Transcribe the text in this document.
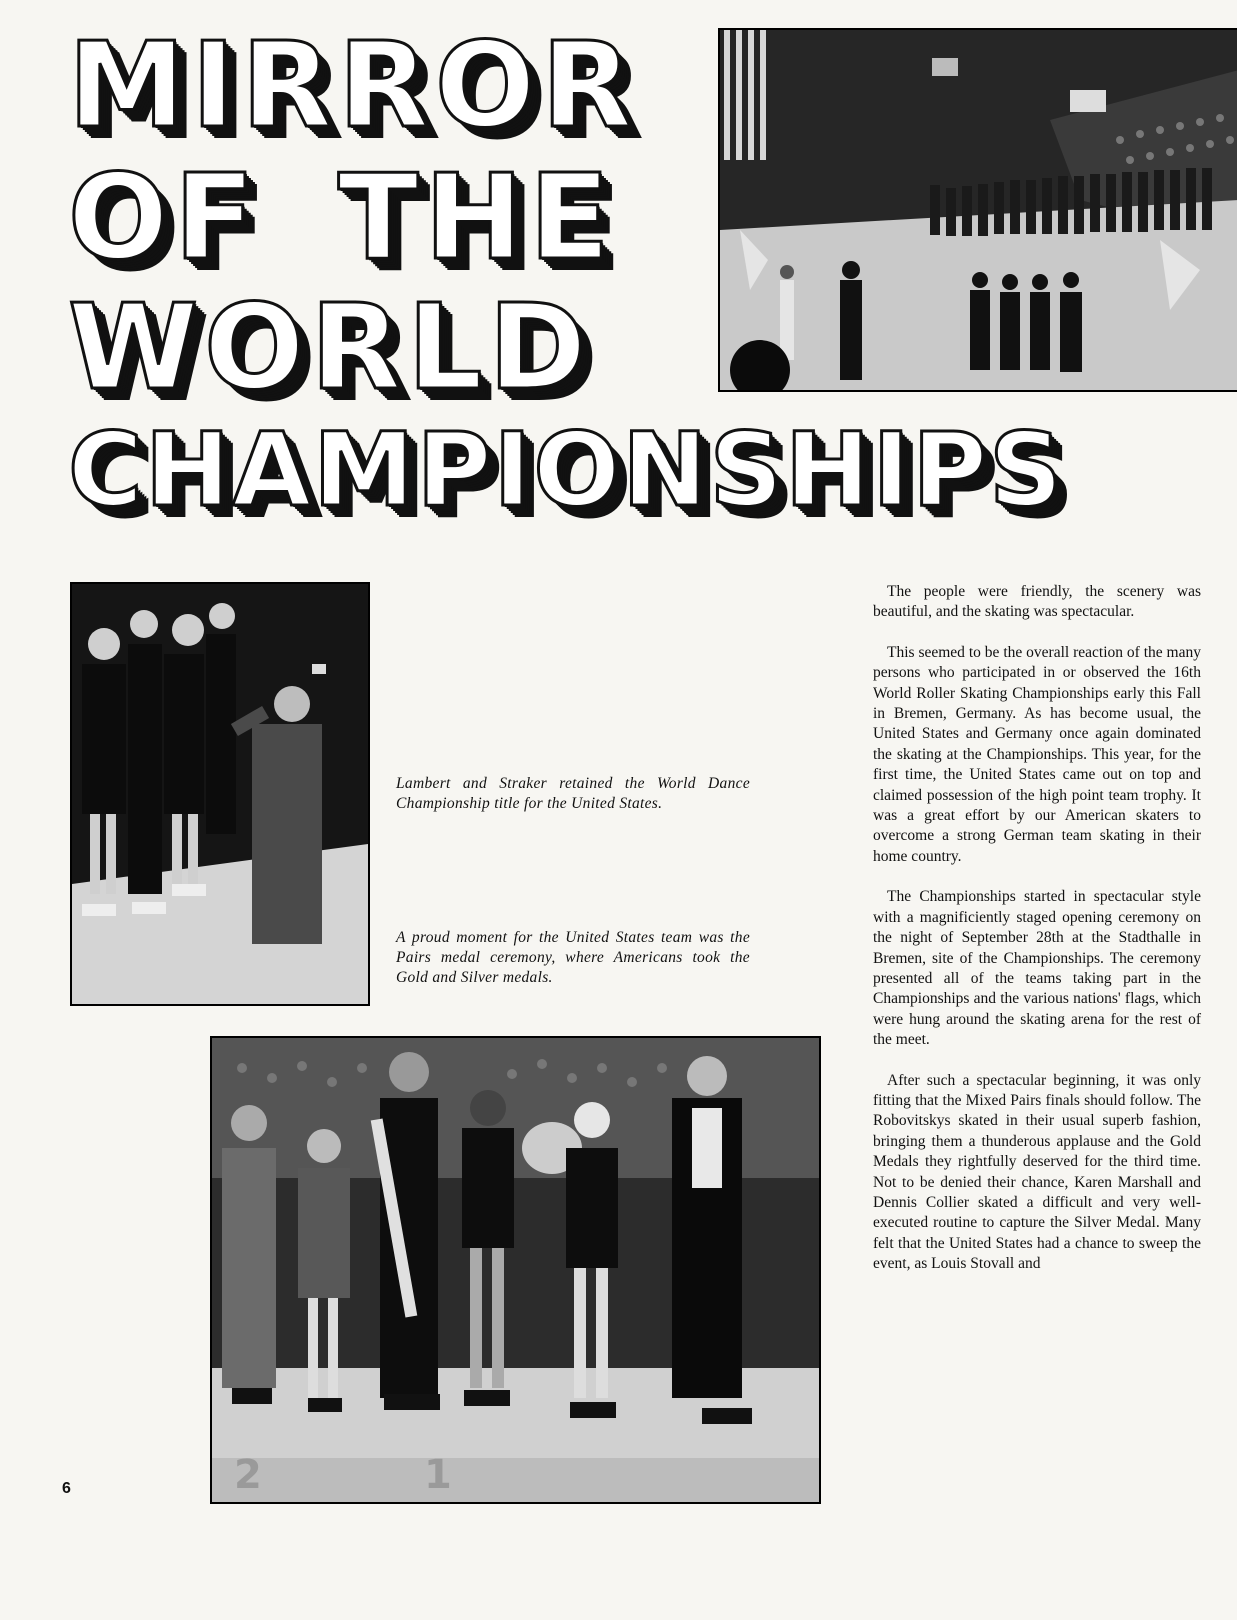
MIRROR
OF THE
WORLD
CHAMPIONSHIPS
2	1
Lambert and Straker retained the World Dance Championship title for the United States.
A proud moment for the United States team was the Pairs medal ceremony, where Americans took the Gold and Silver medals.

The people were friendly, the scenery was beautiful, and the skating was spectacular.

This seemed to be the overall reaction of the many persons who participated in or observed the 16th World Roller Skating Championships early this Fall in Bremen, Germany. As has become usual, the United States and Germany once again dominated the skating at the Championships. This year, for the first time, the United States came out on top and claimed possession of the high point team trophy. It was a great effort by our American skaters to overcome a strong German team skating in their home country.

The Championships started in spectacular style with a magnificiently staged opening ceremony on the night of September 28th at the Stadthalle in Bremen, site of the Championships. The ceremony presented all of the teams taking part in the Championships and the various nations' flags, which were hung around the skating arena for the rest of the meet.

After such a spectacular beginning, it was only fitting that the Mixed Pairs finals should follow. The Robovitskys skated in their usual superb fashion, bringing them a thunderous applause and the Gold Medals they rightfully deserved for the third time. Not to be denied their chance, Karen Marshall and Dennis Collier skated a difficult and very well-executed routine to capture the Silver Medal. Many felt that the United States had a chance to sweep the event, as Louis Stovall and

6
